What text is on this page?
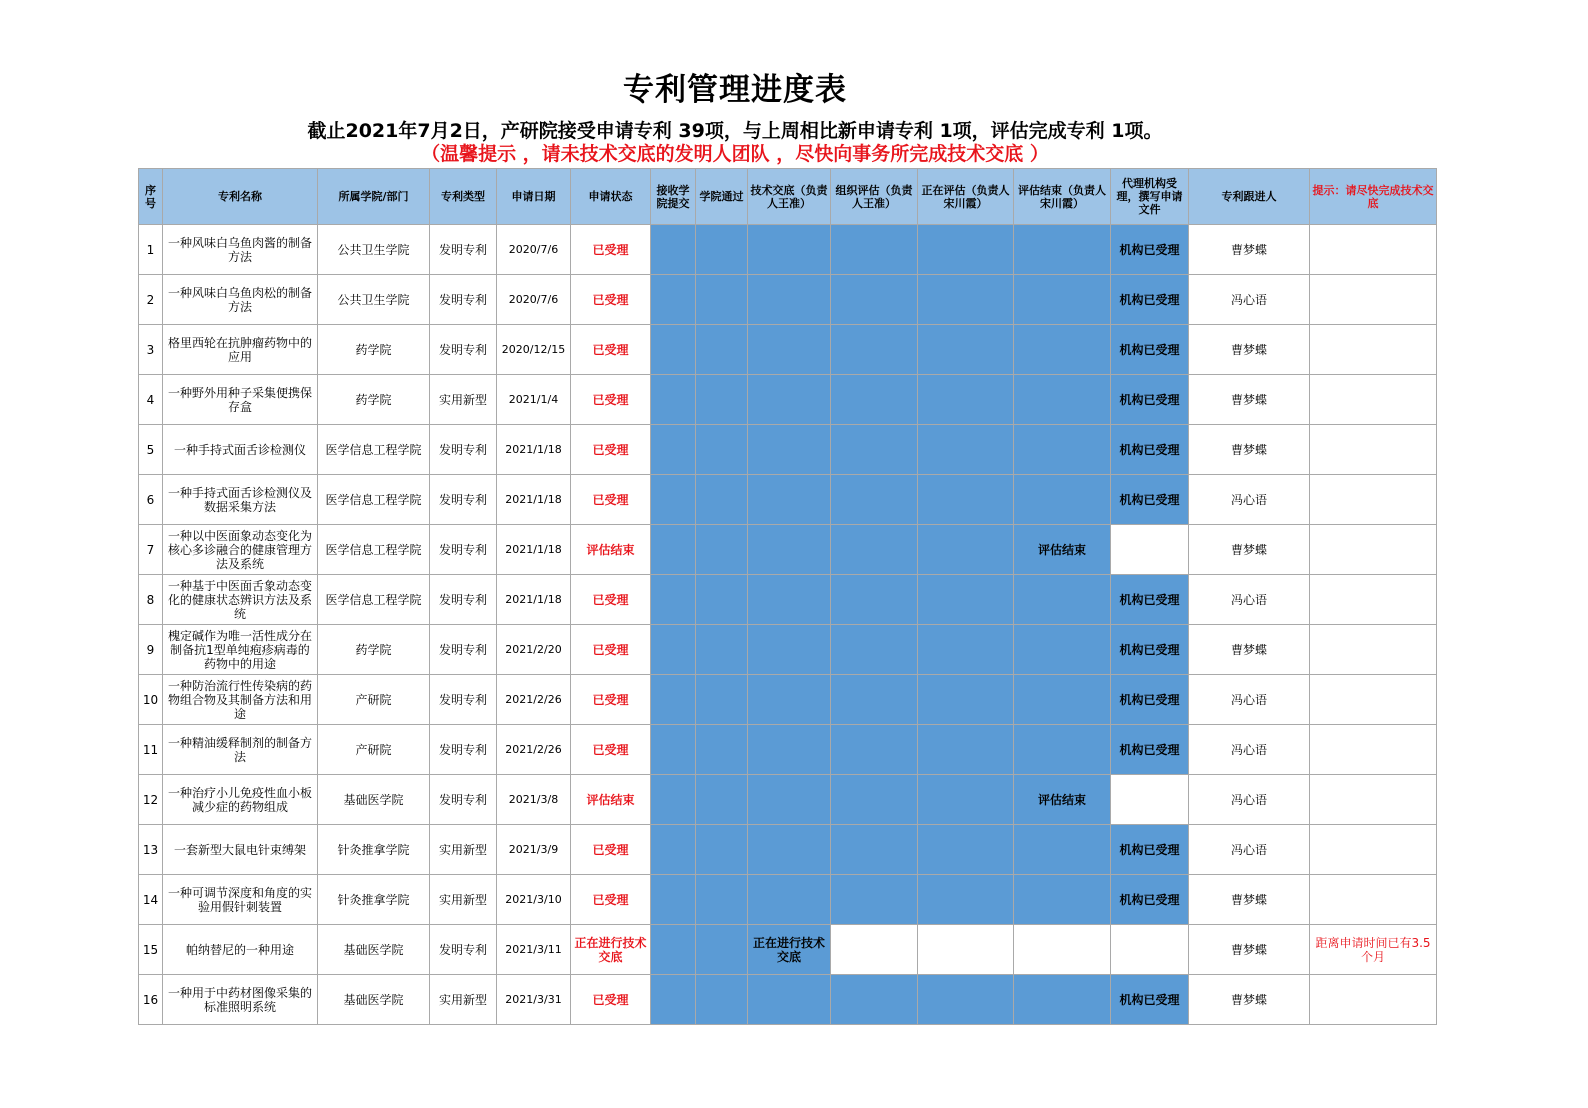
专利管理进度表
截止2021年7月2日，产研院接受申请专利 39项，与上周相比新申请专利 1项，评估完成专利 1项。
（温馨提示 ，请未技术交底的发明人团队 ，尽快向事务所完成技术交底 ）
序号	专利名称	所属学院/部门	专利类型	申请日期	申请状态	接收学院提交	学院通过	技术交底（负责人王准）	组织评估（负责人王准）	正在评估（负责人宋川霞）	评估结束（负责人宋川霞）	代理机构受理，撰写申请文件	专利跟进人	提示：请尽快完成技术交底
1	一种风味白乌鱼肉酱的制备方法	公共卫生学院	发明专利	2020/7/6	已受理							机构已受理	曹梦蝶	
2	一种风味白乌鱼肉松的制备方法	公共卫生学院	发明专利	2020/7/6	已受理							机构已受理	冯心语	
3	格里西轮在抗肿瘤药物中的应用	药学院	发明专利	2020/12/15	已受理							机构已受理	曹梦蝶	
4	一种野外用种子采集便携保存盒	药学院	实用新型	2021/1/4	已受理							机构已受理	曹梦蝶	
5	一种手持式面舌诊检测仪	医学信息工程学院	发明专利	2021/1/18	已受理							机构已受理	曹梦蝶	
6	一种手持式面舌诊检测仪及数据采集方法	医学信息工程学院	发明专利	2021/1/18	已受理							机构已受理	冯心语	
7	一种以中医面象动态变化为核心多诊融合的健康管理方法及系统	医学信息工程学院	发明专利	2021/1/18	评估结束						评估结束		曹梦蝶	
8	一种基于中医面舌象动态变化的健康状态辨识方法及系统	医学信息工程学院	发明专利	2021/1/18	已受理							机构已受理	冯心语	
9	槐定碱作为唯一活性成分在制备抗1型单纯疱疹病毒的药物中的用途	药学院	发明专利	2021/2/20	已受理							机构已受理	曹梦蝶	
10	一种防治流行性传染病的药物组合物及其制备方法和用途	产研院	发明专利	2021/2/26	已受理							机构已受理	冯心语	
11	一种精油缓释制剂的制备方法	产研院	发明专利	2021/2/26	已受理							机构已受理	冯心语	
12	一种治疗小儿免疫性血小板减少症的药物组成	基础医学院	发明专利	2021/3/8	评估结束						评估结束		冯心语	
13	一套新型大鼠电针束缚架	针灸推拿学院	实用新型	2021/3/9	已受理							机构已受理	冯心语	
14	一种可调节深度和角度的实验用假针刺装置	针灸推拿学院	实用新型	2021/3/10	已受理							机构已受理	曹梦蝶	
15	帕纳替尼的一种用途	基础医学院	发明专利	2021/3/11	正在进行技术交底			正在进行技术交底					曹梦蝶	距离申请时间已有3.5个月
16	一种用于中药材图像采集的标准照明系统	基础医学院	实用新型	2021/3/31	已受理							机构已受理	曹梦蝶	
